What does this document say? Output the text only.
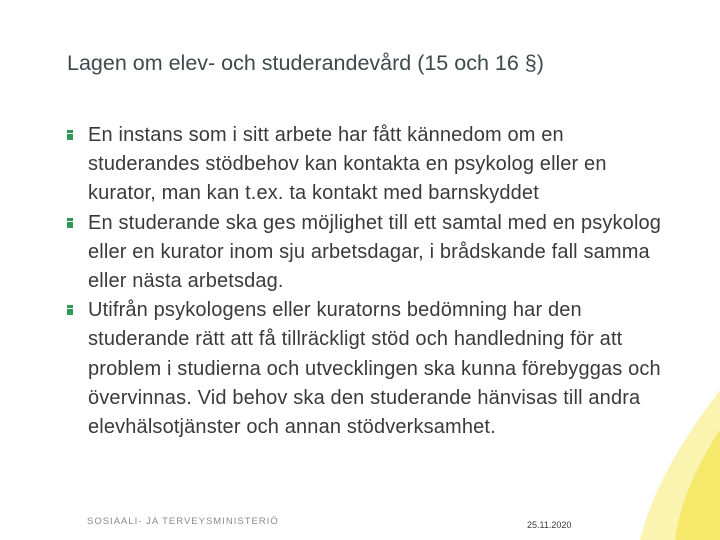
Lagen om elev- och studerandevård (15 och 16 §)
En instans som i sitt arbete har fått kännedom om en studerandes stödbehov kan kontakta en psykolog eller en kurator, man kan t.ex. ta kontakt med barnskyddet
En studerande ska ges möjlighet till ett samtal med en psykolog eller en kurator inom sju arbetsdagar, i brådskande fall samma eller nästa arbetsdag.
Utifrån psykologens eller kuratorns bedömning har den studerande rätt att få tillräckligt stöd och handledning för att problem i studierna och utvecklingen ska kunna förebyggas och övervinnas. Vid behov ska den studerande hänvisas till andra elevhälsotjänster och annan stödverksamhet.
SOSIAALI- JA TERVEYSMINISTERIÖ	25.11.2020
